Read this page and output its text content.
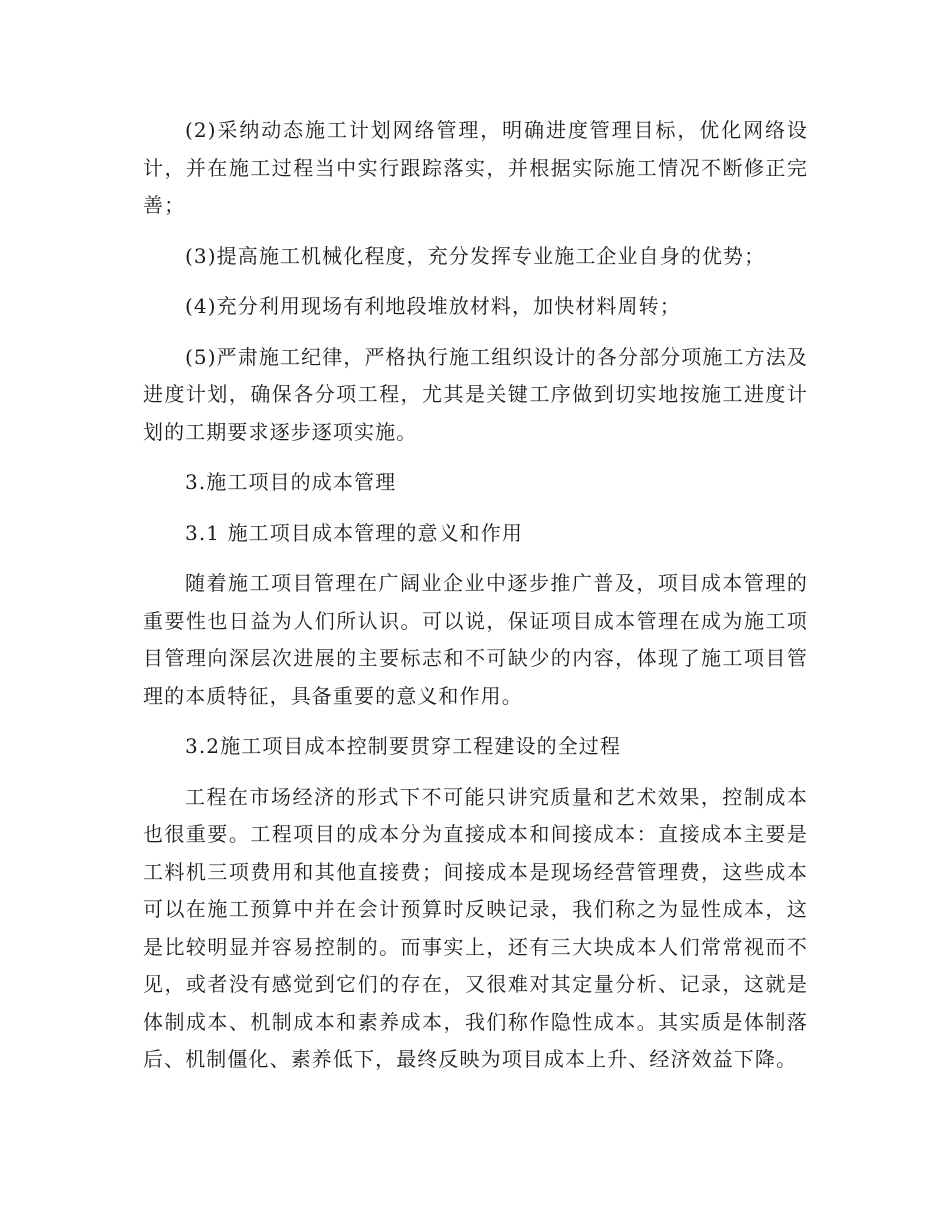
(2)采纳动态施工计划网络管理，明确进度管理目标，优化网络设计，并在施工过程当中实行跟踪落实，并根据实际施工情况不断修正完善；

(3)提高施工机械化程度，充分发挥专业施工企业自身的优势；

(4)充分利用现场有利地段堆放材料，加快材料周转；

(5)严肃施工纪律，严格执行施工组织设计的各分部分项施工方法及进度计划，确保各分项工程，尤其是关键工序做到切实地按施工进度计划的工期要求逐步逐项实施。

3.施工项目的成本管理

3.1 施工项目成本管理的意义和作用

随着施工项目管理在广阔业企业中逐步推广普及，项目成本管理的重要性也日益为人们所认识。可以说，保证项目成本管理在成为施工项目管理向深层次进展的主要标志和不可缺少的内容，体现了施工项目管理的本质特征，具备重要的意义和作用。

3.2施工项目成本控制要贯穿工程建设的全过程

工程在市场经济的形式下不可能只讲究质量和艺术效果，控制成本也很重要。工程项目的成本分为直接成本和间接成本：直接成本主要是工料机三项费用和其他直接费；间接成本是现场经营管理费，这些成本可以在施工预算中并在会计预算时反映记录，我们称之为显性成本，这是比较明显并容易控制的。而事实上，还有三大块成本人们常常视而不见，或者没有感觉到它们的存在，又很难对其定量分析、记录，这就是体制成本、机制成本和素养成本，我们称作隐性成本。其实质是体制落后、机制僵化、素养低下，最终反映为项目成本上升、经济效益下降。
